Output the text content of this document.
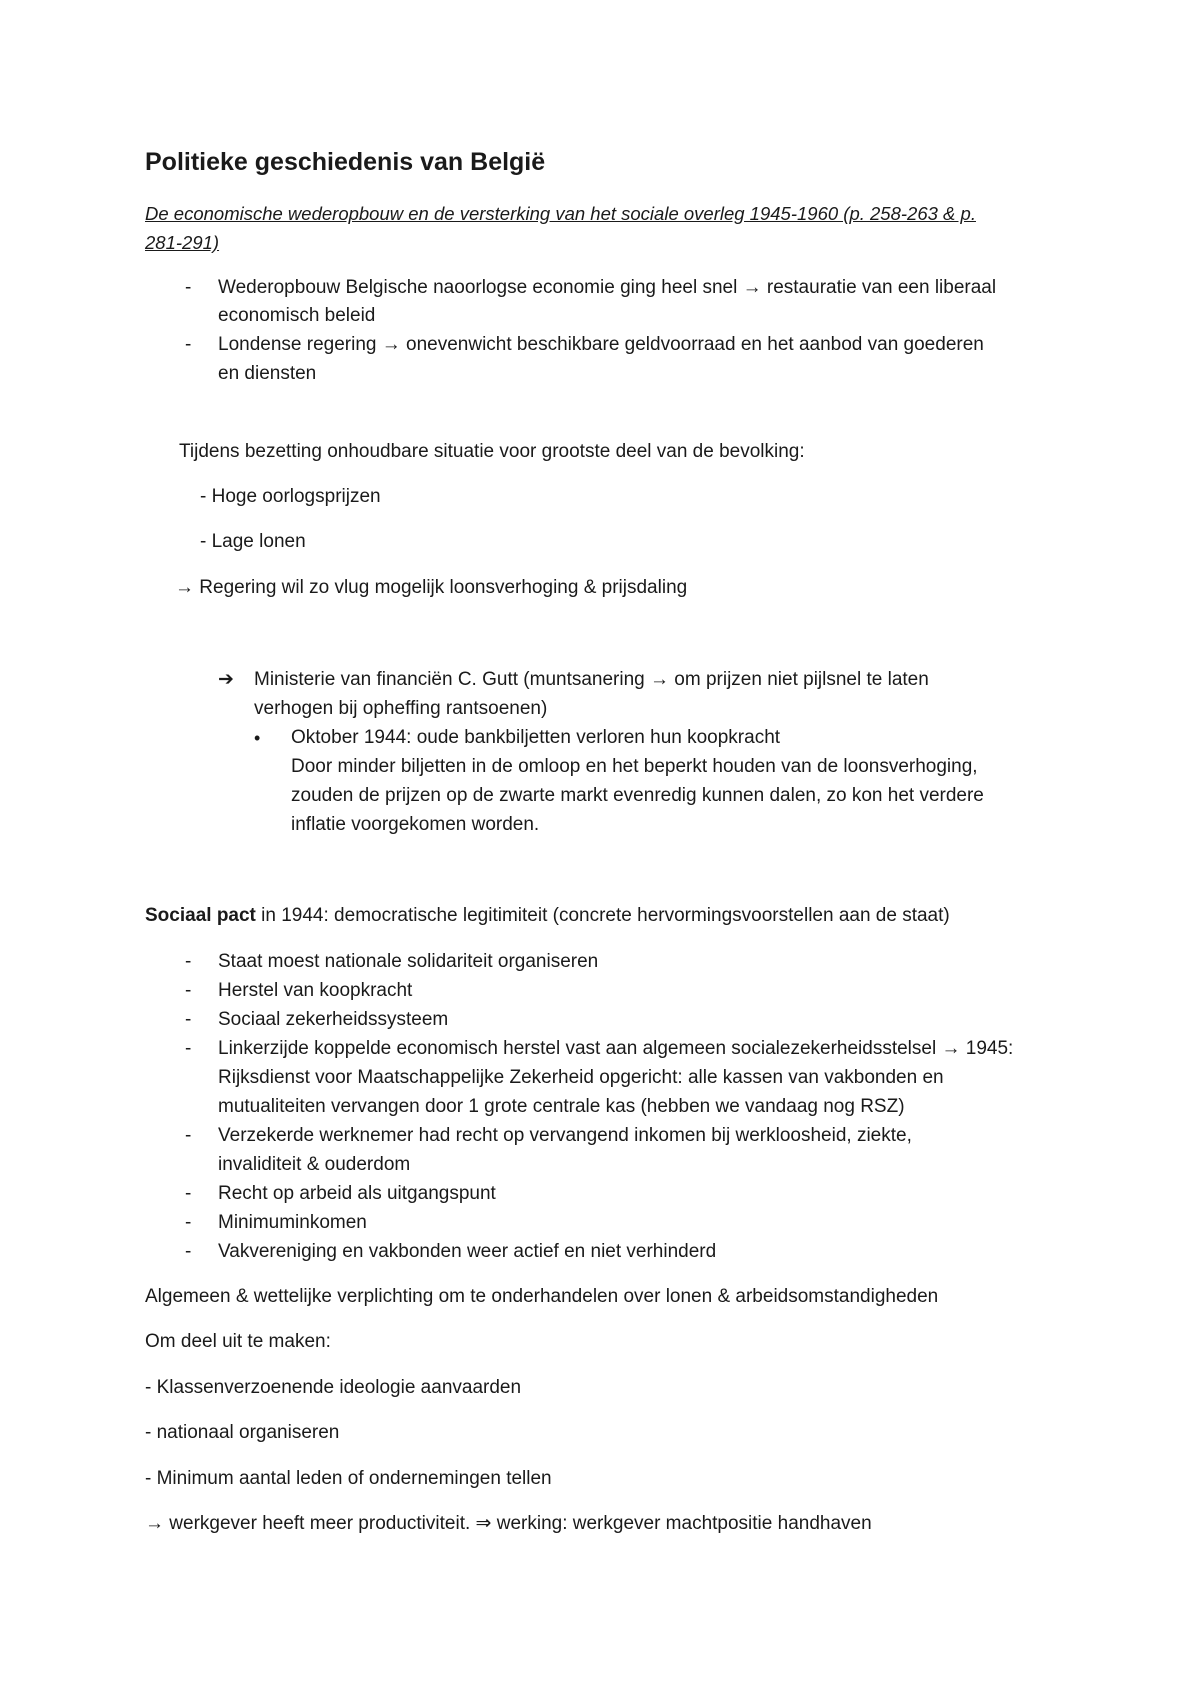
Politieke geschiedenis van België
De economische wederopbouw en de versterking van het sociale overleg 1945-1960 (p. 258-263 & p.
281-291)
- Wederopbouw Belgische naoorlogse economie ging heel snel → restauratie van een liberaal
economisch beleid
- Londense regering → onevenwicht beschikbare geldvoorraad en het aanbod van goederen
en diensten
Tijdens bezetting onhoudbare situatie voor grootste deel van de bevolking:
- Hoge oorlogsprijzen
- Lage lonen
→ Regering wil zo vlug mogelijk loonsverhoging & prijsdaling
➔ Ministerie van financiën C. Gutt (muntsanering → om prijzen niet pijlsnel te laten
verhogen bij opheffing rantsoenen)
• Oktober 1944: oude bankbiljetten verloren hun koopkracht
Door minder biljetten in de omloop en het beperkt houden van de loonsverhoging,
zouden de prijzen op de zwarte markt evenredig kunnen dalen, zo kon het verdere
inflatie voorgekomen worden.
Sociaal pact in 1944: democratische legitimiteit (concrete hervormingsvoorstellen aan de staat)
- Staat moest nationale solidariteit organiseren
- Herstel van koopkracht
- Sociaal zekerheidssysteem
- Linkerzijde koppelde economisch herstel vast aan algemeen socialezekerheidsstelsel → 1945:
Rijksdienst voor Maatschappelijke Zekerheid opgericht: alle kassen van vakbonden en
mutualiteiten vervangen door 1 grote centrale kas (hebben we vandaag nog RSZ)
- Verzekerde werknemer had recht op vervangend inkomen bij werkloosheid, ziekte,
invaliditeit & ouderdom
- Recht op arbeid als uitgangspunt
- Minimuminkomen
- Vakvereniging en vakbonden weer actief en niet verhinderd
Algemeen & wettelijke verplichting om te onderhandelen over lonen & arbeidsomstandigheden
Om deel uit te maken:
- Klassenverzoenende ideologie aanvaarden
- nationaal organiseren
- Minimum aantal leden of ondernemingen tellen
→ werkgever heeft meer productiviteit. ⇒ werking: werkgever machtpositie handhaven
